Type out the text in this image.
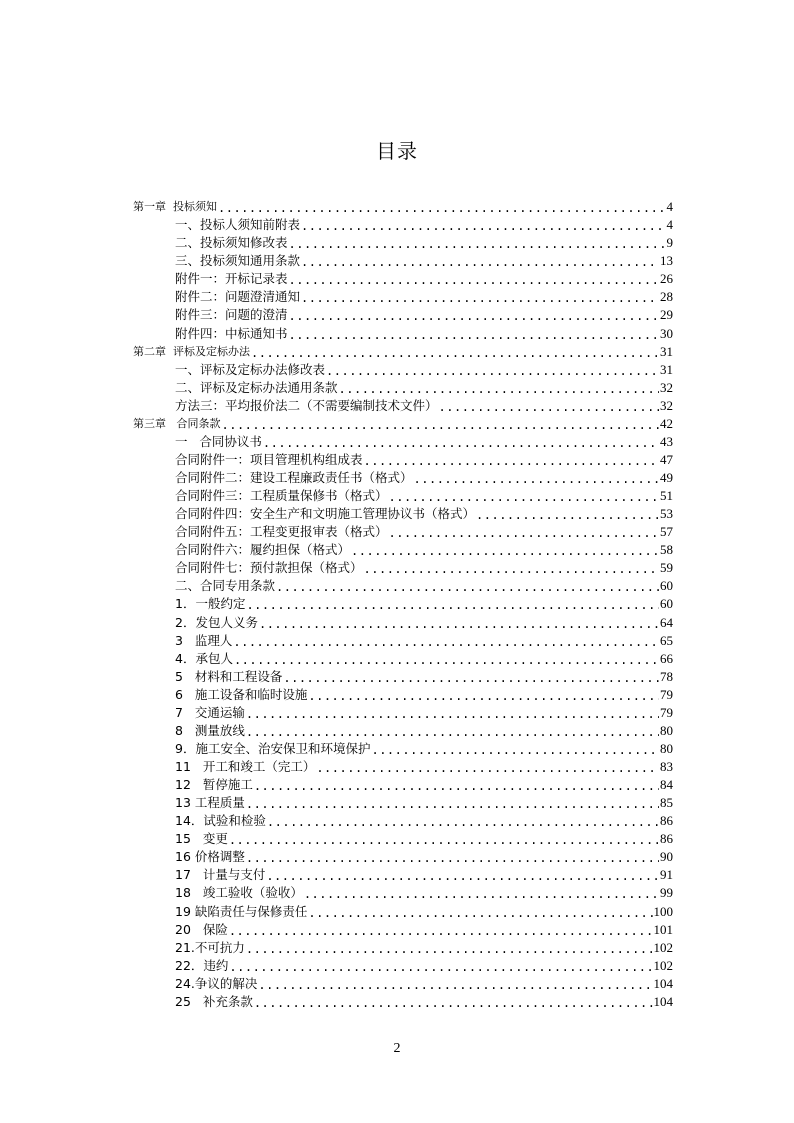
目录
第一章  投标须知 .....	4
一、投标人须知前附表 .....	4
二、投标须知修改表 .....	9
三、投标须知通用条款 .....	13
附件一：开标记录表 .....	26
附件二：问题澄清通知 .....	28
附件三：问题的澄清 .....	29
附件四：中标通知书 .....	30
第二章  评标及定标办法 .....	31
一、评标及定标办法修改表 .....	31
二、评标及定标办法通用条款 .....	32
方法三：平均报价法二（不需要编制技术文件） .....	32
第三章   合同条款 .....	42
一   合同协议书 .....	43
合同附件一：项目管理机构组成表 .....	47
合同附件二：建设工程廉政责任书（格式） .....	49
合同附件三：工程质量保修书（格式） .....	51
合同附件四：安全生产和文明施工管理协议书（格式） .....	53
合同附件五：工程变更报审表（格式） .....	57
合同附件六：履约担保（格式） .....	58
合同附件七：预付款担保（格式） .....	59
二、合同专用条款 .....	60
1．一般约定 .....	60
2．发包人义务 .....	64
3   监理人 .....	65
4．承包人 .....	66
5   材料和工程设备 .....	78
6   施工设备和临时设施 .....	79
7   交通运输 .....	79
8   测量放线 .....	80
9．施工安全、治安保卫和环境保护 .....	80
11   开工和竣工（完工） .....	83
12   暂停施工 .....	84
13 工程质量 .....	85
14．试验和检验 .....	86
15   变更 .....	86
16 价格调整 .....	90
17   计量与支付 .....	91
18   竣工验收（验收） .....	99
19 缺陷责任与保修责任 .....	100
20   保险 .....	101
21.不可抗力 .....	102
22．违约 .....	102
24.争议的解决 .....	104
25   补充条款 .....	104
2
